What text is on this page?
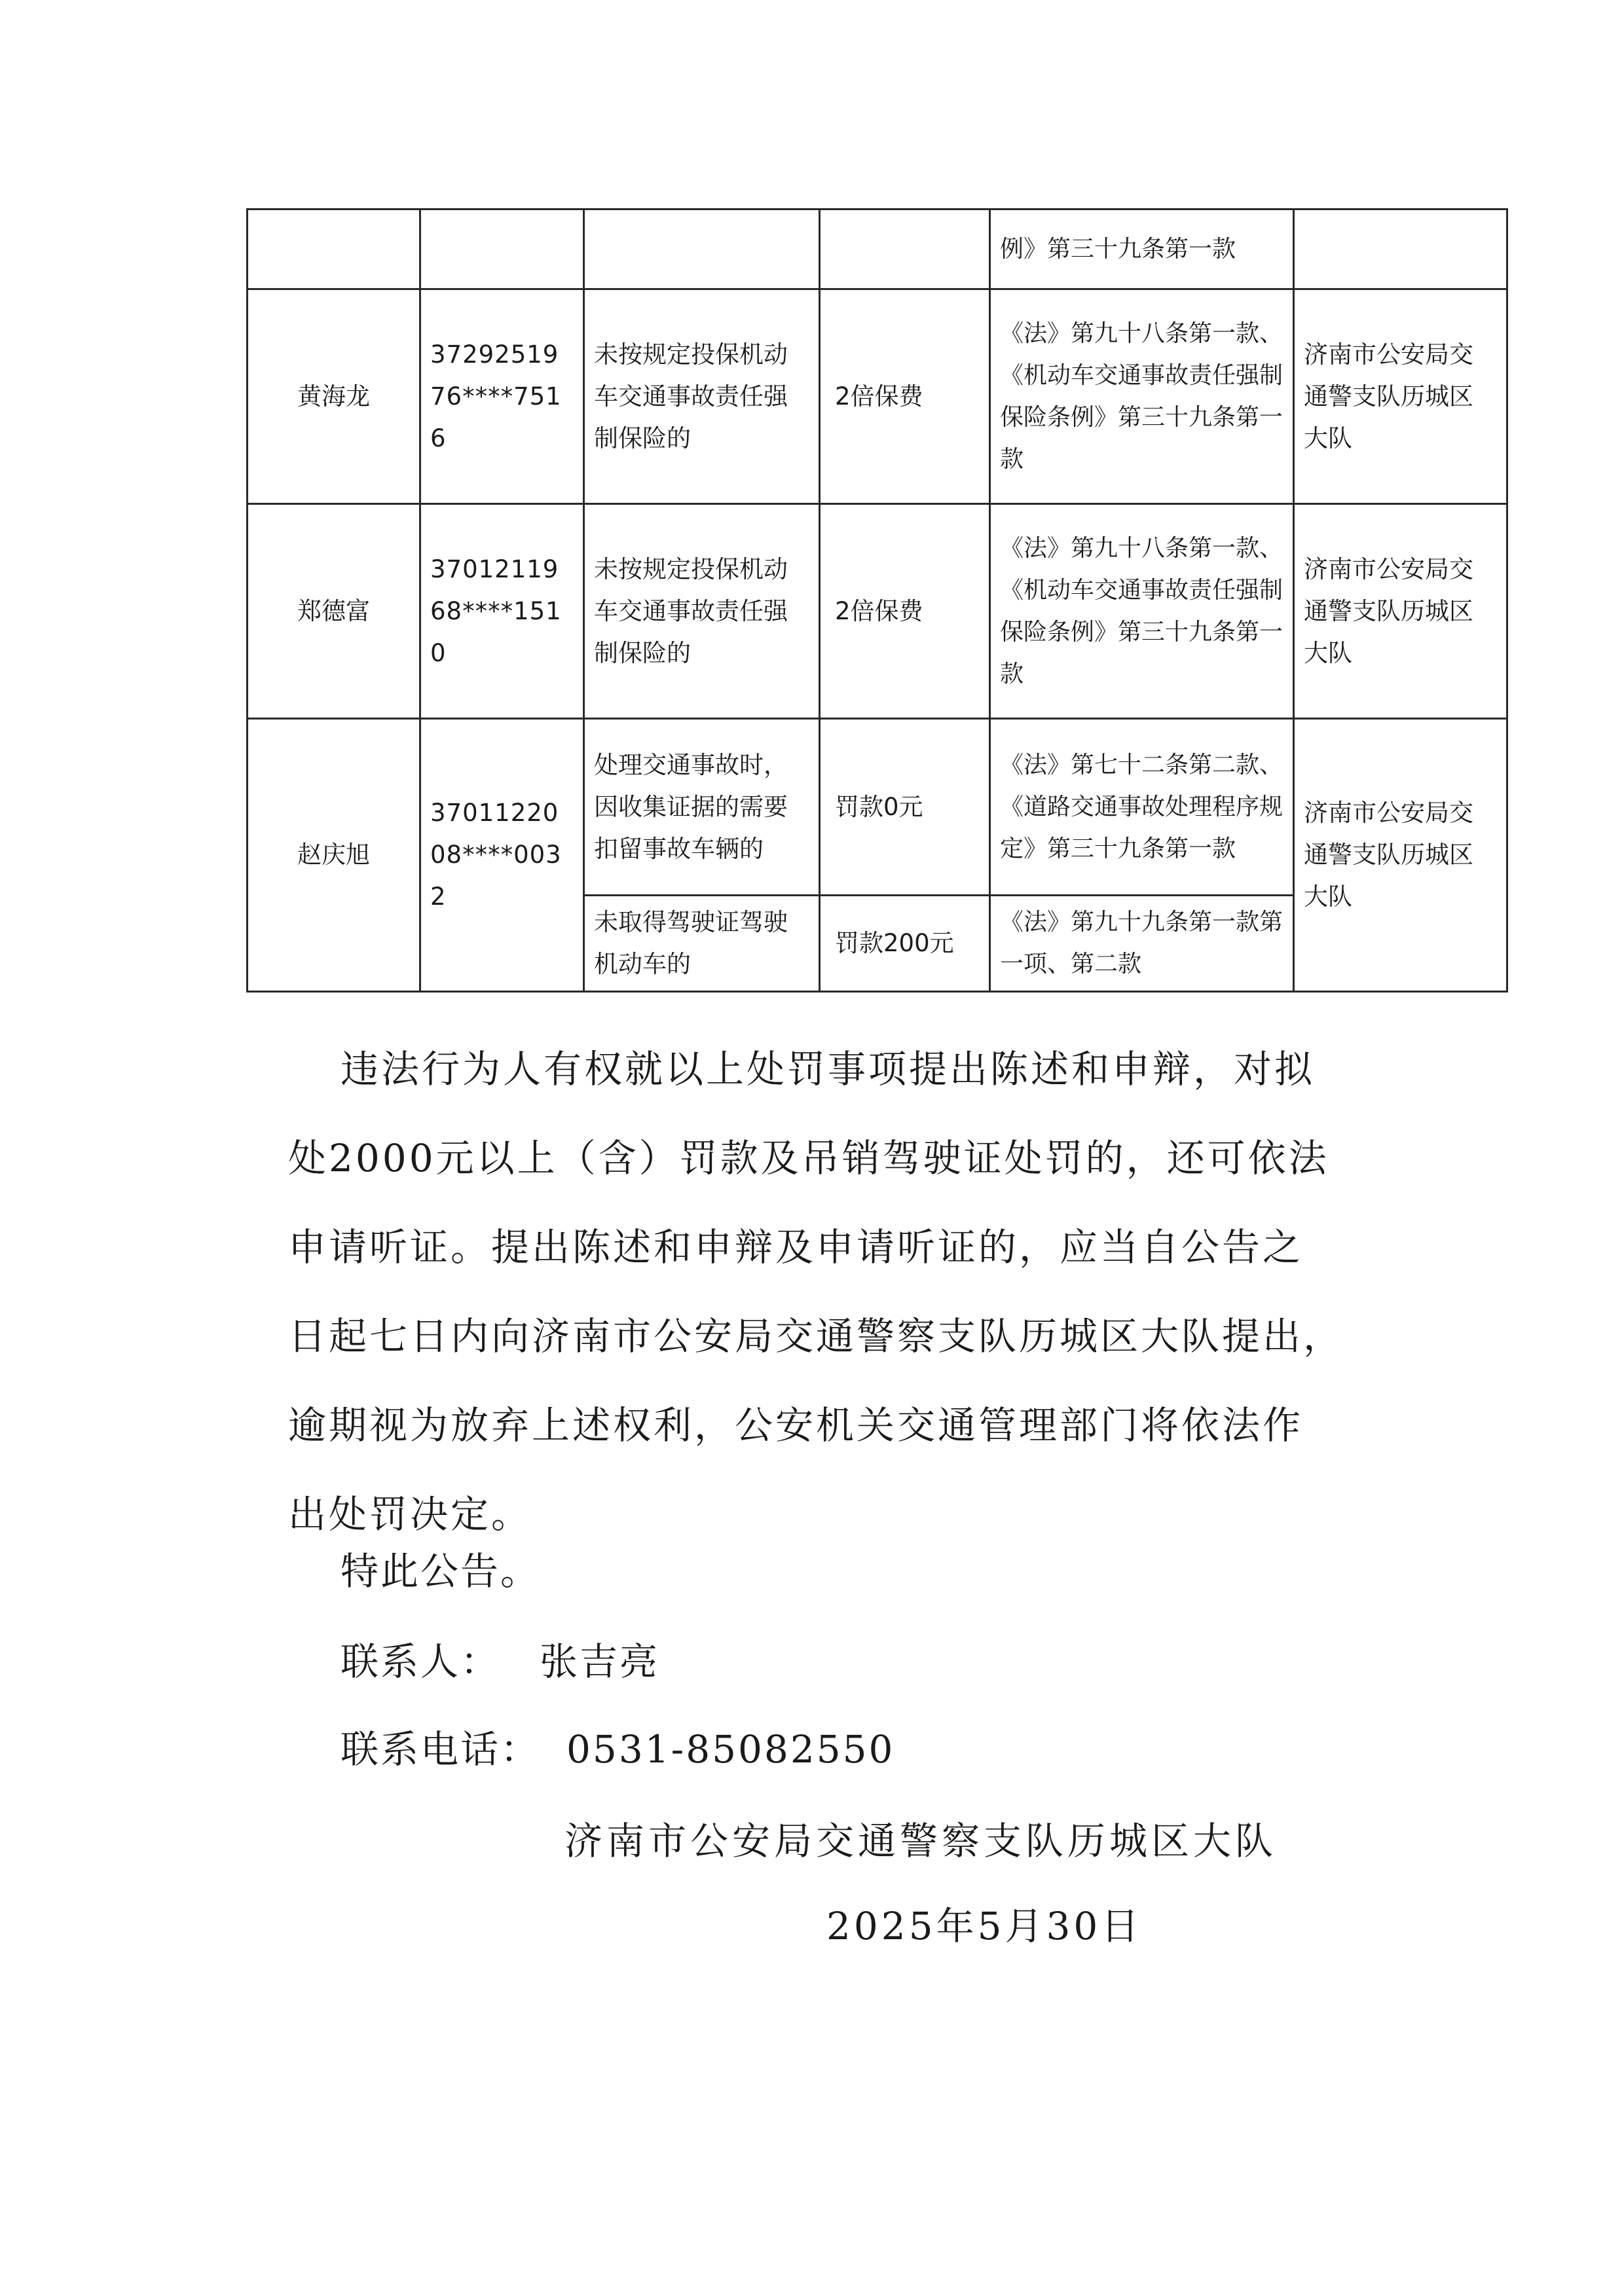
				例》第三十九条第一款	
黄海龙	3729251976****7516	未按规定投保机动车交通事故责任强制保险的	2倍保费	《法》第九十八条第一款、《机动车交通事故责任强制保险条例》第三十九条第一款	济南市公安局交通警支队历城区大队
郑德富	3701211968****1510	未按规定投保机动车交通事故责任强制保险的	2倍保费	《法》第九十八条第一款、《机动车交通事故责任强制保险条例》第三十九条第一款	济南市公安局交通警支队历城区大队
赵庆旭	3701122008****0032	处理交通事故时，因收集证据的需要扣留事故车辆的	罚款0元	《法》第七十二条第二款、《道路交通事故处理程序规定》第三十九条第一款	济南市公安局交通警支队历城区大队
		未取得驾驶证驾驶机动车的	罚款200元	《法》第九十九条第一款第一项、第二款	
违法行为人有权就以上处罚事项提出陈述和申辩，对拟
处2000元以上（含）罚款及吊销驾驶证处罚的，还可依法
申请听证。提出陈述和申辩及申请听证的，应当自公告之
日起七日内向济南市公安局交通警察支队历城区大队提出，
逾期视为放弃上述权利，公安机关交通管理部门将依法作
出处罚决定。
特此公告。
联系人： 张吉亮
联系电话： 0531-85082550
济南市公安局交通警察支队历城区大队
2025年5月30日
